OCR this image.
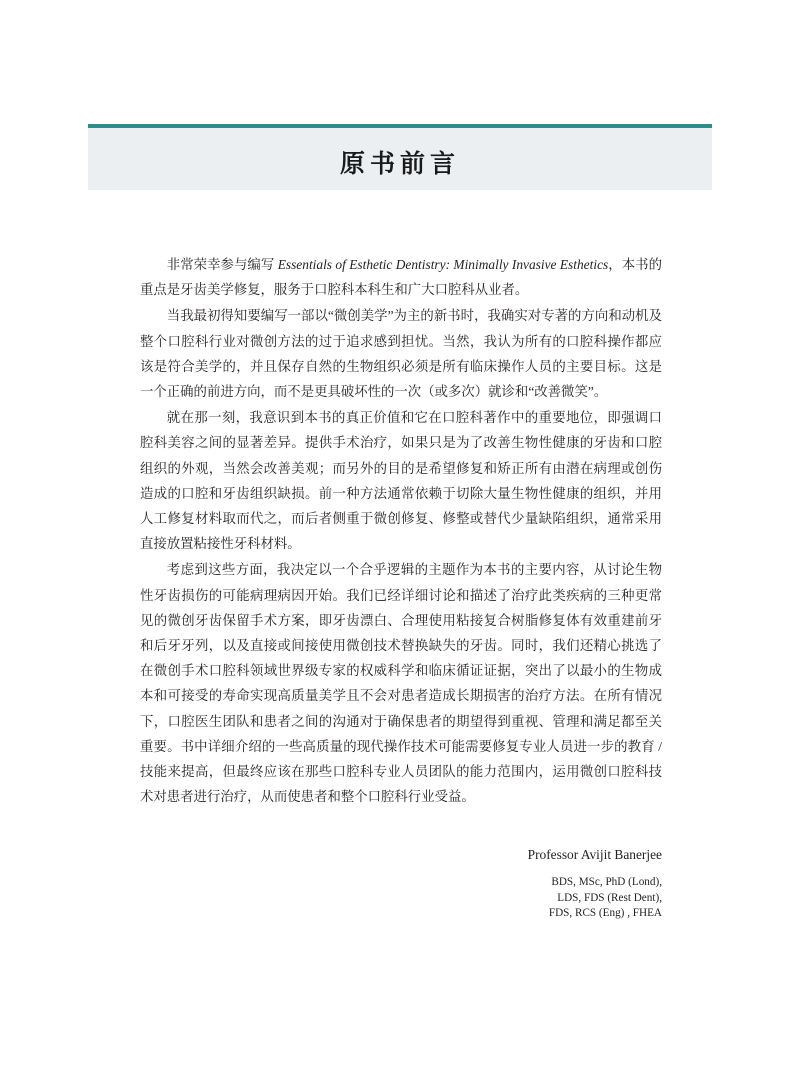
原书前言

非常荣幸参与编写 Essentials of Esthetic Dentistry: Minimally Invasive Esthetics，本书的重点是牙齿美学修复，服务于口腔科本科生和广大口腔科从业者。

当我最初得知要编写一部以“微创美学”为主的新书时，我确实对专著的方向和动机及整个口腔科行业对微创方法的过于追求感到担忧。当然，我认为所有的口腔科操作都应该是符合美学的，并且保存自然的生物组织必须是所有临床操作人员的主要目标。这是一个正确的前进方向，而不是更具破坏性的一次（或多次）就诊和“改善微笑”。

就在那一刻，我意识到本书的真正价值和它在口腔科著作中的重要地位，即强调口腔科美容之间的显著差异。提供手术治疗，如果只是为了改善生物性健康的牙齿和口腔组织的外观，当然会改善美观；而另外的目的是希望修复和矫正所有由潜在病理或创伤造成的口腔和牙齿组织缺损。前一种方法通常依赖于切除大量生物性健康的组织，并用人工修复材料取而代之，而后者侧重于微创修复、修整或替代少量缺陷组织，通常采用直接放置粘接性牙科材料。

考虑到这些方面，我决定以一个合乎逻辑的主题作为本书的主要内容，从讨论生物性牙齿损伤的可能病理病因开始。我们已经详细讨论和描述了治疗此类疾病的三种更常见的微创牙齿保留手术方案，即牙齿漂白、合理使用粘接复合树脂修复体有效重建前牙和后牙牙列，以及直接或间接使用微创技术替换缺失的牙齿。同时，我们还精心挑选了在微创手术口腔科领域世界级专家的权威科学和临床循证证据，突出了以最小的生物成本和可接受的寿命实现高质量美学且不会对患者造成长期损害的治疗方法。在所有情况下，口腔医生团队和患者之间的沟通对于确保患者的期望得到重视、管理和满足都至关重要。书中详细介绍的一些高质量的现代操作技术可能需要修复专业人员进一步的教育 / 技能来提高，但最终应该在那些口腔科专业人员团队的能力范围内，运用微创口腔科技术对患者进行治疗，从而使患者和整个口腔科行业受益。

Professor Avijit Banerjee
BDS, MSc, PhD (Lond),
LDS, FDS (Rest Dent),
FDS, RCS (Eng) , FHEA
